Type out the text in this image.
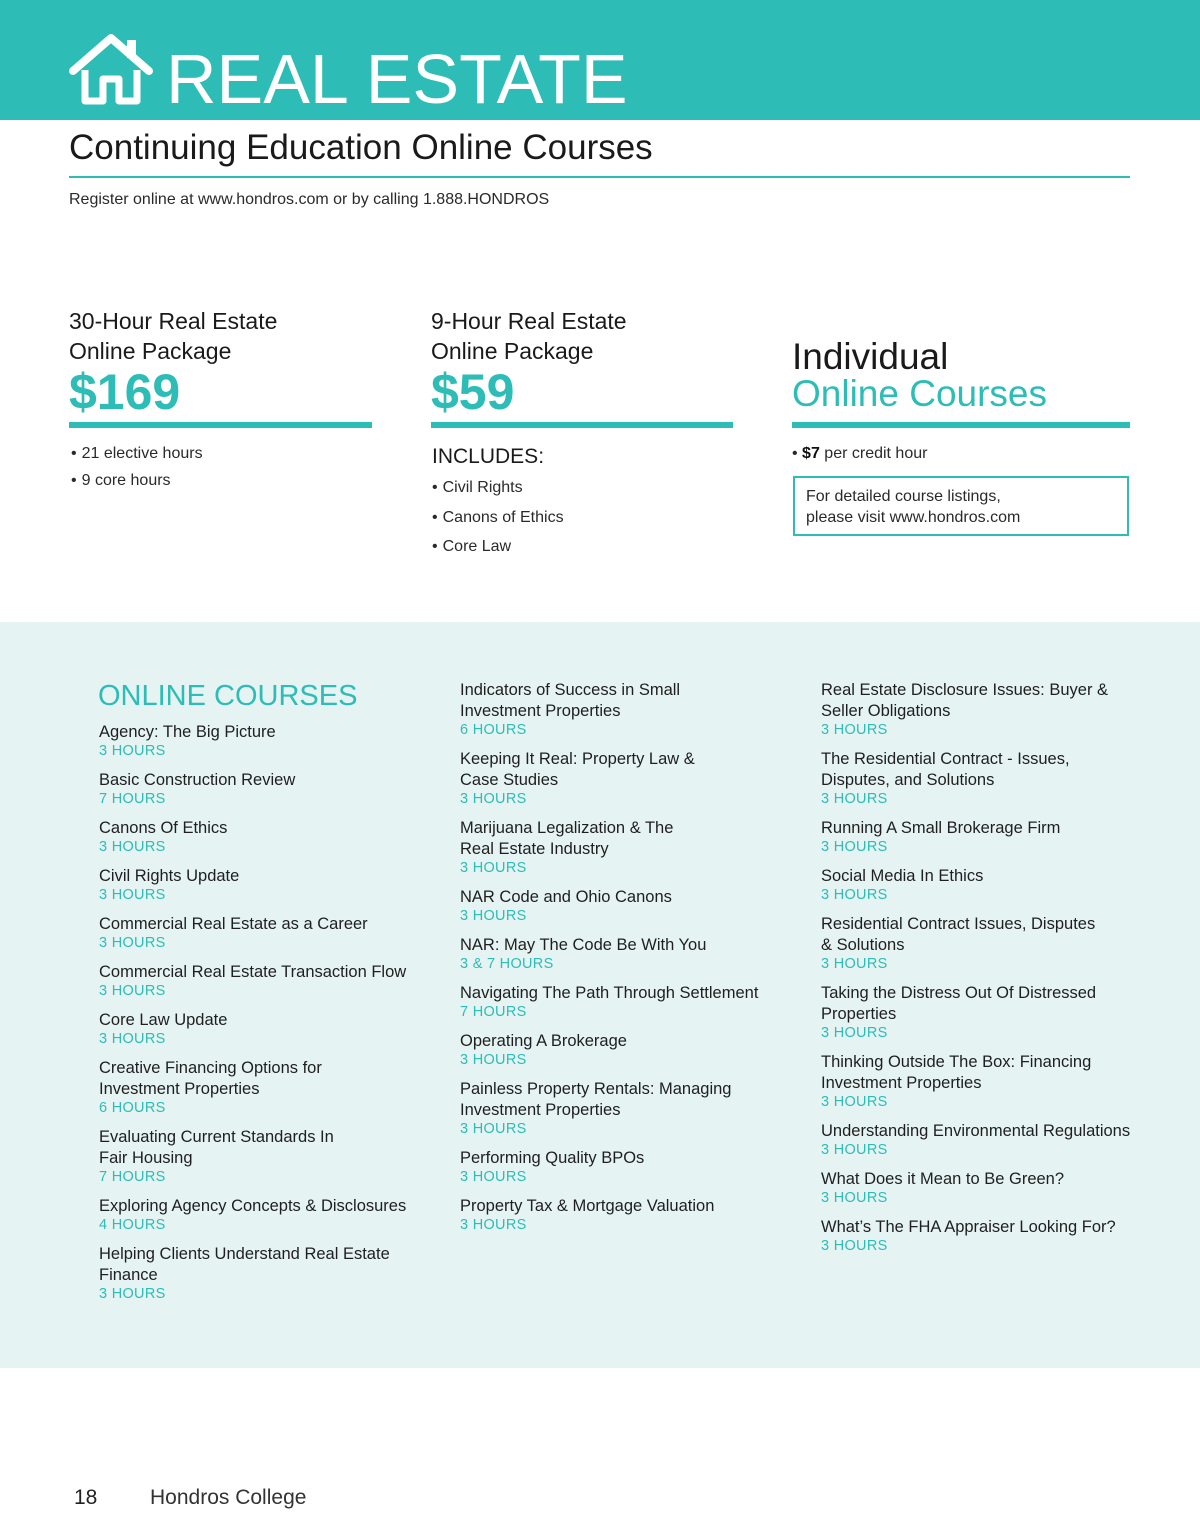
REAL ESTATE
Continuing Education Online Courses
Register online at www.hondros.com or by calling 1.888.HONDROS
30-Hour Real Estate
Online Package
$169
• 21 elective hours
• 9 core hours
9-Hour Real Estate
Online Package
$59
INCLUDES:
• Civil Rights
• Canons of Ethics
• Core Law
Individual
Online Courses
• $7 per credit hour
For detailed course listings,
please visit www.hondros.com
ONLINE COURSES
Agency: The Big Picture
3 HOURS
Basic Construction Review
7 HOURS
Canons Of Ethics
3 HOURS
Civil Rights Update
3 HOURS
Commercial Real Estate as a Career
3 HOURS
Commercial Real Estate Transaction Flow
3 HOURS
Core Law Update
3 HOURS
Creative Financing Options for
Investment Properties
6 HOURS
Evaluating Current Standards In
Fair Housing
7 HOURS
Exploring Agency Concepts & Disclosures
4 HOURS
Helping Clients Understand Real Estate
Finance
3 HOURS
Indicators of Success in Small
Investment Properties
6 HOURS
Keeping It Real: Property Law &
Case Studies
3 HOURS
Marijuana Legalization & The
Real Estate Industry
3 HOURS
NAR Code and Ohio Canons
3 HOURS
NAR: May The Code Be With You
3 & 7 HOURS
Navigating The Path Through Settlement
7 HOURS
Operating A Brokerage
3 HOURS
Painless Property Rentals: Managing
Investment Properties
3 HOURS
Performing Quality BPOs
3 HOURS
Property Tax & Mortgage Valuation
3 HOURS
Real Estate Disclosure Issues: Buyer &
Seller Obligations
3 HOURS
The Residential Contract - Issues,
Disputes, and Solutions
3 HOURS
Running A Small Brokerage Firm
3 HOURS
Social Media In Ethics
3 HOURS
Residential Contract Issues, Disputes
& Solutions
3 HOURS
Taking the Distress Out Of Distressed
Properties
3 HOURS
Thinking Outside The Box: Financing
Investment Properties
3 HOURS
Understanding Environmental Regulations
3 HOURS
What Does it Mean to Be Green?
3 HOURS
What’s The FHA Appraiser Looking For?
3 HOURS
18	Hondros College
